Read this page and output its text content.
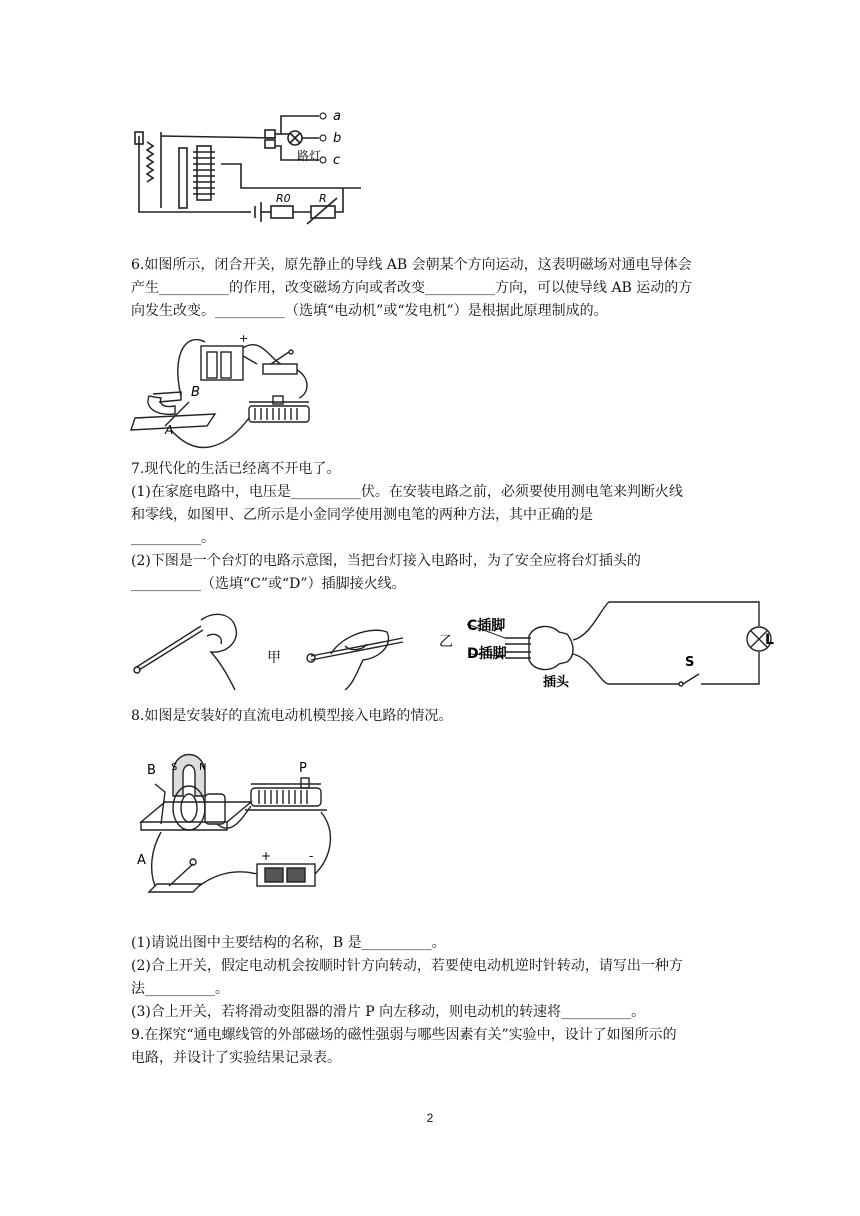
a
b
c
路灯
R0	R
6.如图所示，闭合开关，原先静止的导线 AB 会朝某个方向运动，这表明磁场对通电导体会
产生__________的作用，改变磁场方向或者改变__________方向，可以使导线 AB 运动的方
向发生改变。__________（选填“电动机”或“发电机”）是根据此原理制成的。
-	+
B
A
7.现代化的生活已经离不开电了。
(1)在家庭电路中，电压是__________伏。在安装电路之前，必须要使用测电笔来判断火线
和零线，如图甲、乙所示是小金同学使用测电笔的两种方法，其中正确的是
__________。
(2)下图是一个台灯的电路示意图，当把台灯接入电路时，为了安全应将台灯插头的
__________（选填“C”或“D”）插脚接火线。
甲
乙
C插脚
D插脚
插头
S
L
8.如图是安装好的直流电动机模型接入电路的情况。
B
A
P
S N
+	-
(1)请说出图中主要结构的名称，B 是__________。
(2)合上开关，假定电动机会按顺时针方向转动，若要使电动机逆时针转动，请写出一种方
法__________。
(3)合上开关，若将滑动变阻器的滑片 P 向左移动，则电动机的转速将__________。
9.在探究“通电螺线管的外部磁场的磁性强弱与哪些因素有关”实验中，设计了如图所示的
电路，并设计了实验结果记录表。
2
